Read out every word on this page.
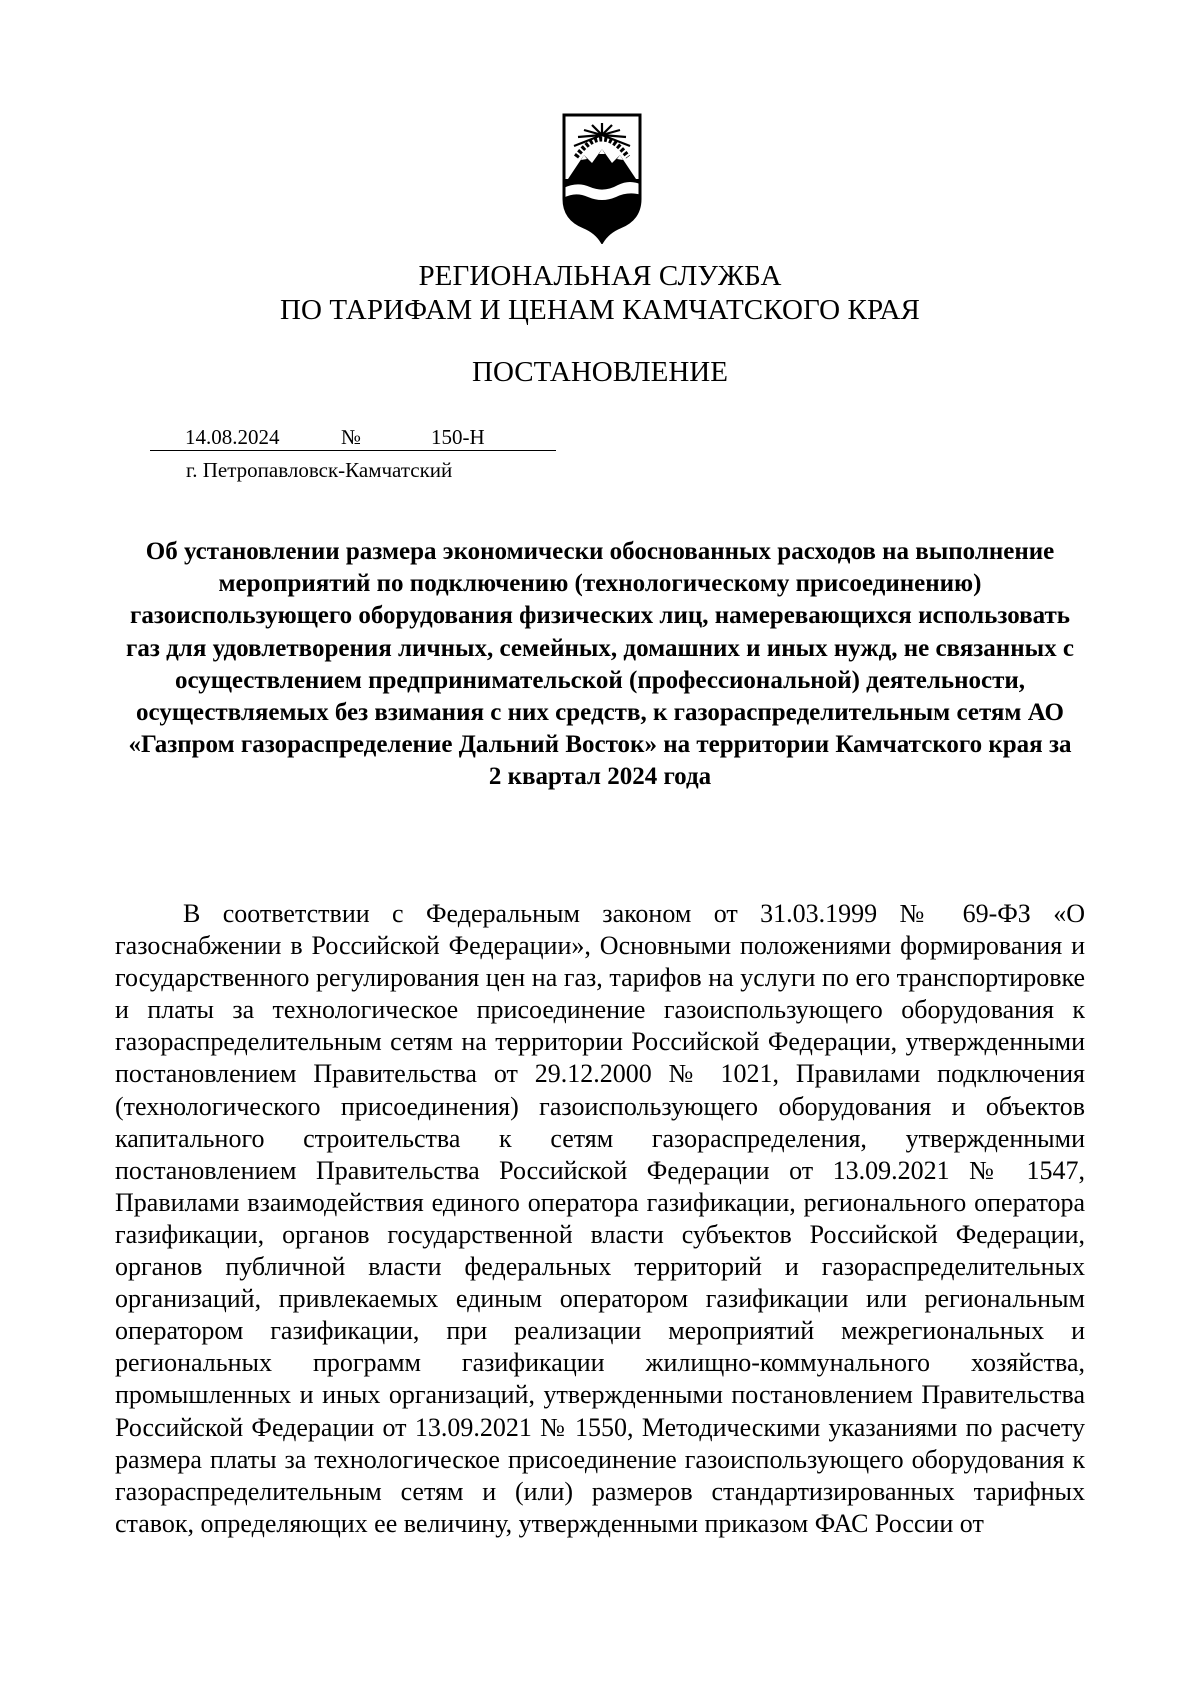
РЕГИОНАЛЬНАЯ СЛУЖБА
ПО ТАРИФАМ И ЦЕНАМ КАМЧАТСКОГО КРАЯ
ПОСТАНОВЛЕНИЕ
14.08.2024	№	150-Н
г. Петропавловск-Камчатский
Об установлении размера экономически обоснованных расходов на выполнение мероприятий по подключению (технологическому присоединению) газоиспользующего оборудования физических лиц, намеревающихся использовать газ для удовлетворения личных, семейных, домашних и иных нужд, не связанных с осуществлением предпринимательской (профессиональной) деятельности, осуществляемых без взимания с них средств, к газораспределительным сетям АО «Газпром газораспределение Дальний Восток» на территории Камчатского края за 2 квартал 2024 года
В соответствии с Федеральным законом от 31.03.1999 № 69-ФЗ «О газоснабжении в Российской Федерации», Основными положениями формирования и государственного регулирования цен на газ, тарифов на услуги по его транспортировке и платы за технологическое присоединение газоиспользующего оборудования к газораспределительным сетям на территории Российской Федерации, утвержденными постановлением Правительства от 29.12.2000 № 1021, Правилами подключения (технологического присоединения) газоиспользующего оборудования и объектов капитального строительства к сетям газораспределения, утвержденными постановлением Правительства Российской Федерации от 13.09.2021 № 1547, Правилами взаимодействия единого оператора газификации, регионального оператора газификации, органов государственной власти субъектов Российской Федерации, органов публичной власти федеральных территорий и газораспределительных организаций, привлекаемых единым оператором газификации или региональным оператором газификации, при реализации мероприятий межрегиональных и региональных программ газификации жилищно-коммунального хозяйства, промышленных и иных организаций, утвержденными постановлением Правительства Российской Федерации от 13.09.2021 № 1550, Методическими указаниями по расчету размера платы за технологическое присоединение газоиспользующего оборудования к газораспределительным сетям и (или) размеров стандартизированных тарифных ставок, определяющих ее величину, утвержденными приказом ФАС России от
